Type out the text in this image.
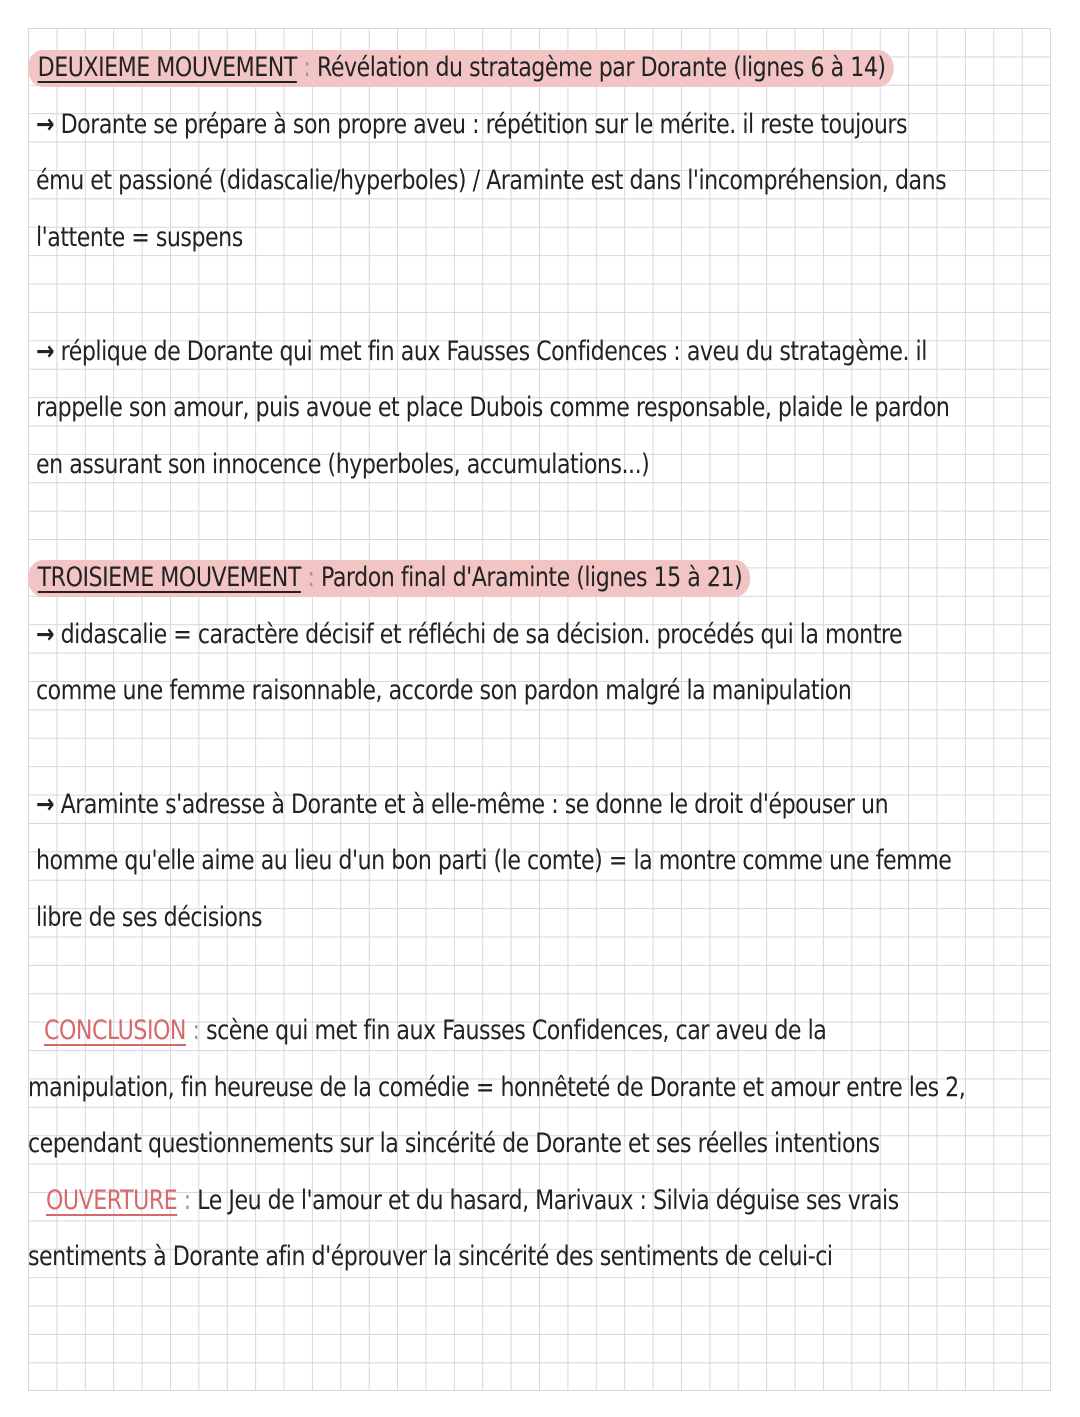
DEUXIEME MOUVEMENT : Révélation du stratagème par Dorante (lignes 6 à 14)
→ Dorante se prépare à son propre aveu : répétition sur le mérite. il reste toujours
ému et passioné (didascalie/hyperboles) / Araminte est dans l'incompréhension, dans
l'attente = suspens
→ réplique de Dorante qui met fin aux Fausses Confidences : aveu du stratagème. il
rappelle son amour, puis avoue et place Dubois comme responsable, plaide le pardon
en assurant son innocence (hyperboles, accumulations...)
TROISIEME MOUVEMENT : Pardon final d'Araminte (lignes 15 à 21)
→ didascalie = caractère décisif et réfléchi de sa décision. procédés qui la montre
comme une femme raisonnable, accorde son pardon malgré la manipulation
→ Araminte s'adresse à Dorante et à elle-même : se donne le droit d'épouser un
homme qu'elle aime au lieu d'un bon parti (le comte) = la montre comme une femme
libre de ses décisions
CONCLUSION : scène qui met fin aux Fausses Confidences, car aveu de la
manipulation, fin heureuse de la comédie = honnêteté de Dorante et amour entre les 2,
cependant questionnements sur la sincérité de Dorante et ses réelles intentions
OUVERTURE : Le Jeu de l'amour et du hasard, Marivaux : Silvia déguise ses vrais
sentiments à Dorante afin d'éprouver la sincérité des sentiments de celui-ci
